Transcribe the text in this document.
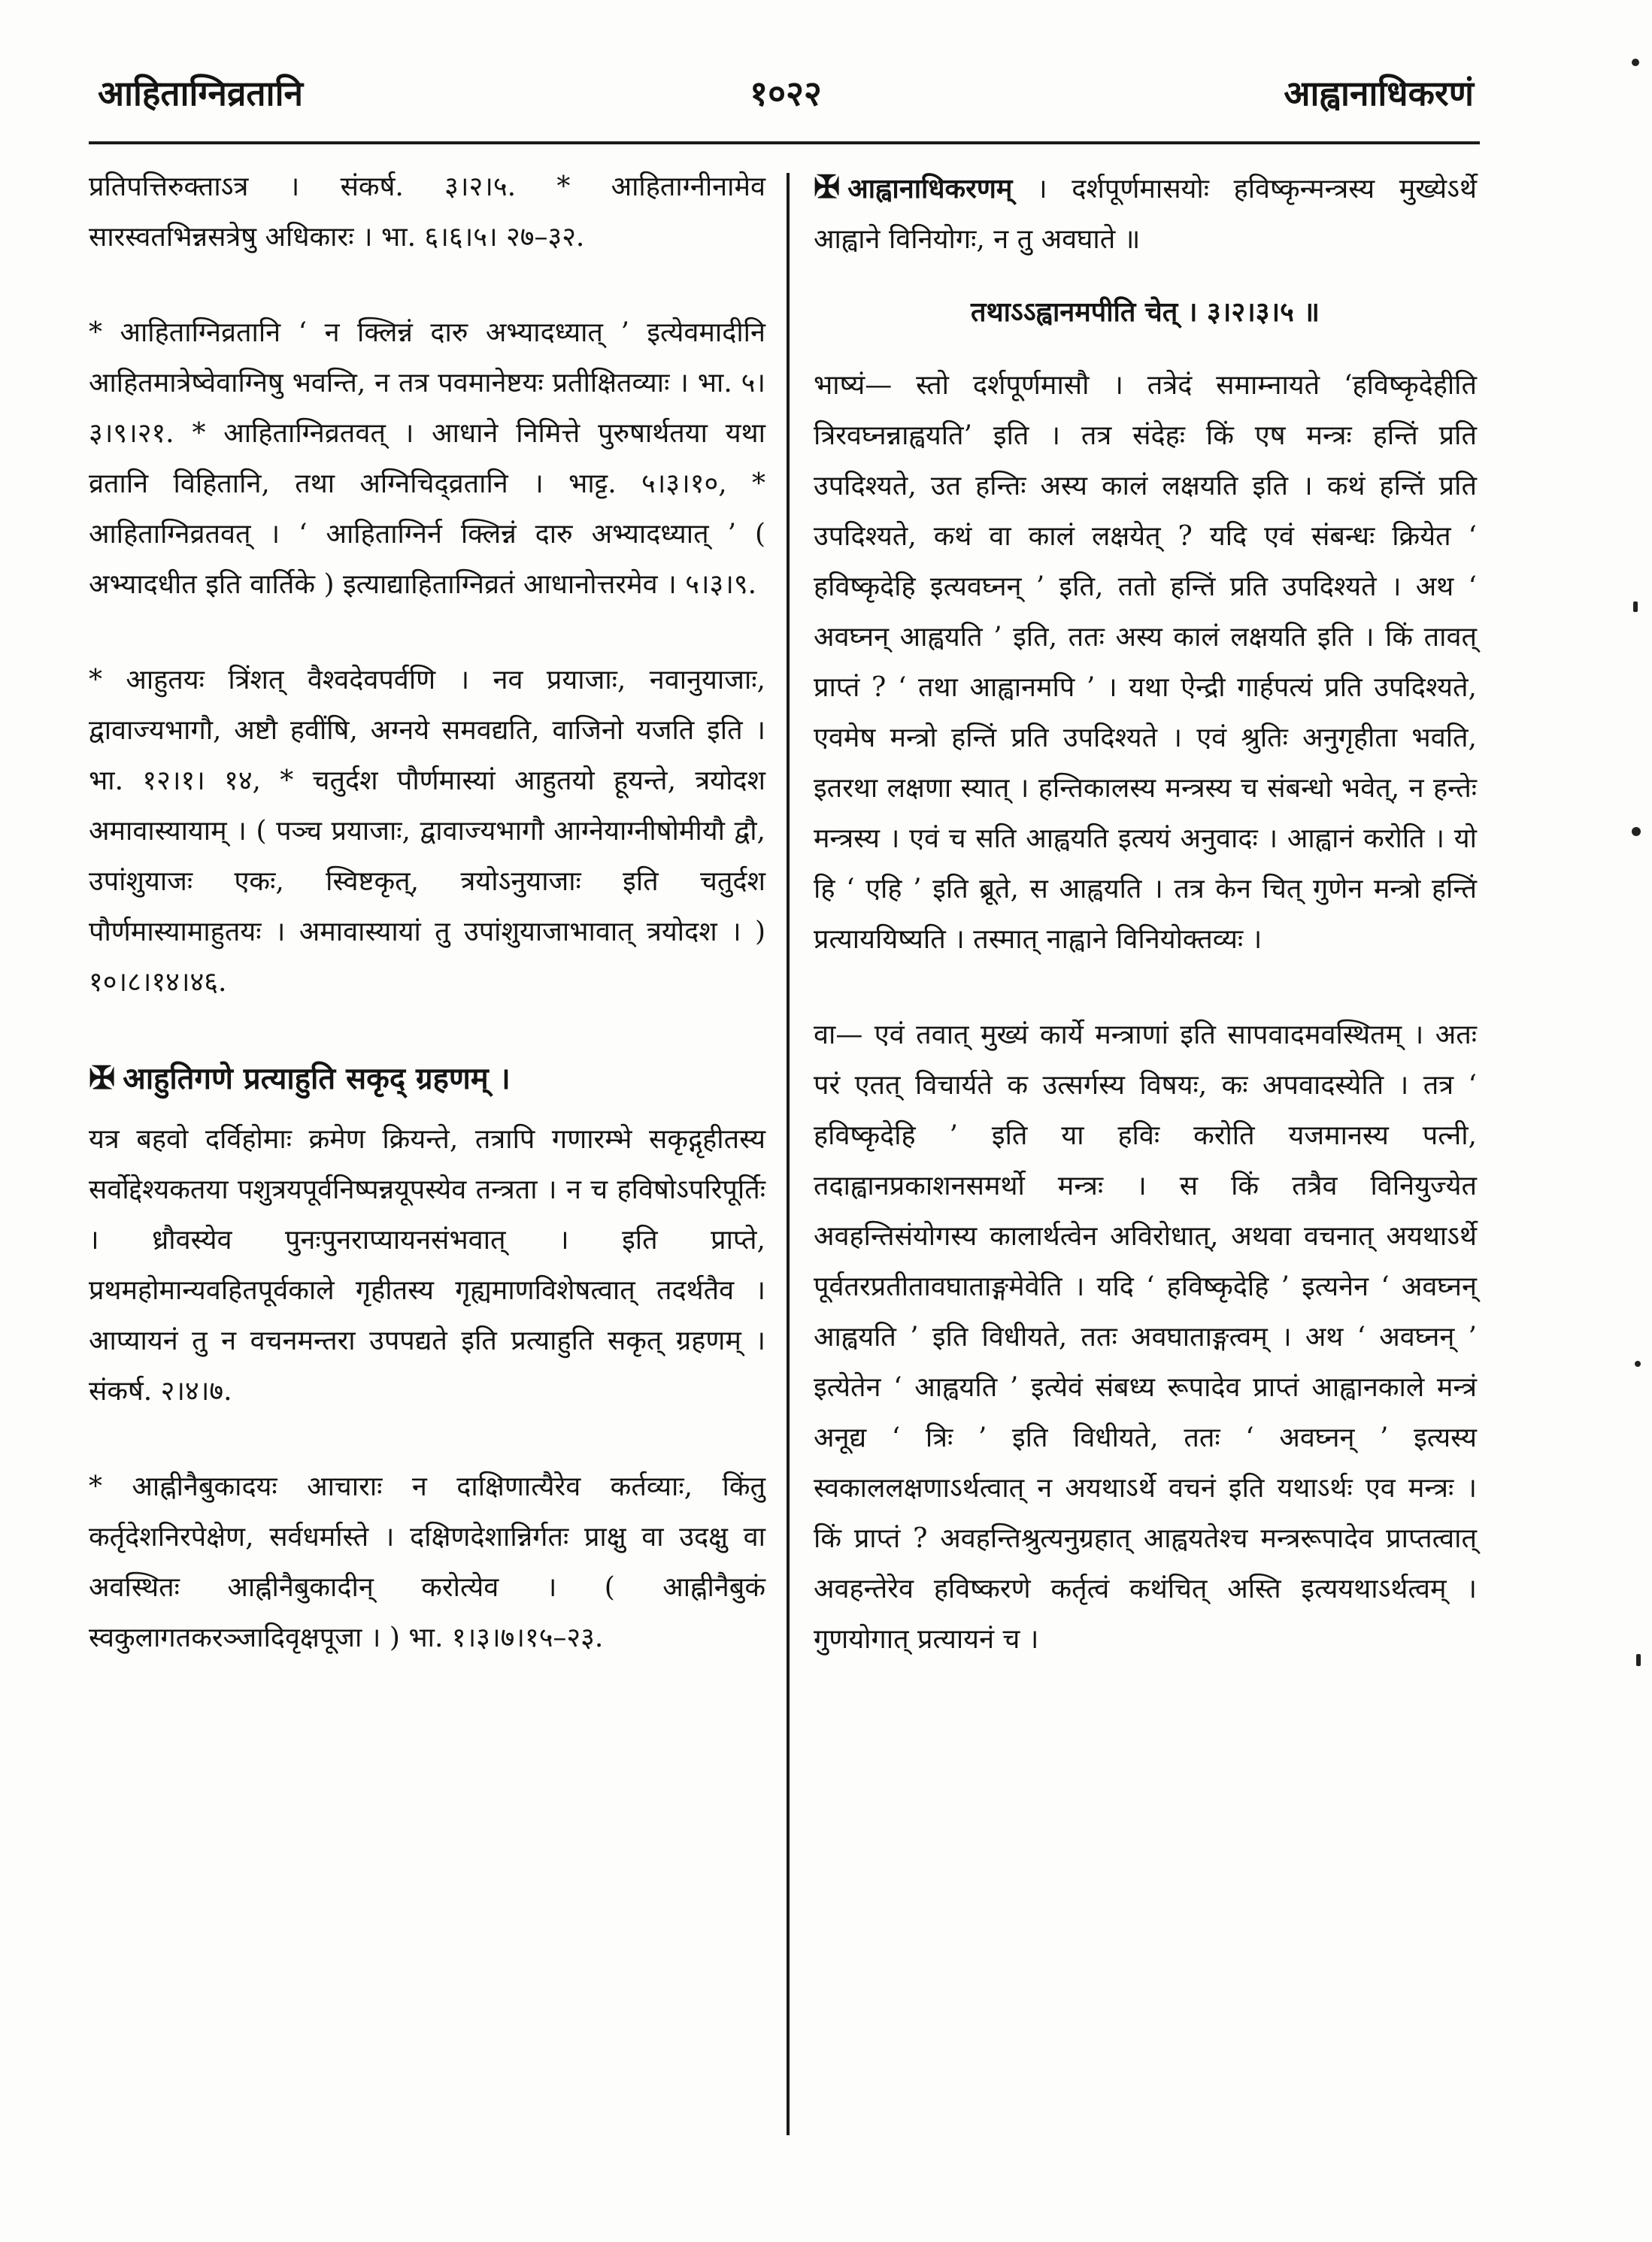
आहिताग्निव्रतानि	१०२२	आह्वानाधिकरणं

प्रतिपत्तिरुक्ताऽत्र । संकर्ष. ३।२।५. * आहिताग्नीनामेव सारस्वतभिन्नसत्रेषु अधिकारः । भा. ६।६।५। २७–३२.

* आहिताग्निव्रतानि ‘ न क्लिन्नं दारु अभ्यादध्यात् ’ इत्येवमादीनि आहितमात्रेष्वेवाग्निषु भवन्ति, न तत्र पवमानेष्टयः प्रतीक्षितव्याः । भा. ५।३।९।२१. * आहिताग्निव्रतवत् । आधाने निमित्ते पुरुषार्थतया यथा व्रतानि विहितानि, तथा अग्निचिद्व्रतानि । भाट्ट. ५।३।१०, * आहिताग्निव्रतवत् । ‘ आहिताग्निर्न क्लिन्नं दारु अभ्यादध्यात् ’ ( अभ्यादधीत इति वार्तिके ) इत्याद्याहिताग्निव्रतं आधानोत्तरमेव । ५।३।९.

* आहुतयः त्रिंशत् वैश्वदेवपर्वणि । नव प्रयाजाः, नवानुयाजाः, द्वावाज्यभागौ, अष्टौ हवींषि, अग्नये समवद्यति, वाजिनो यजति इति । भा. १२।१। १४, * चतुर्दश पौर्णमास्यां आहुतयो हूयन्ते, त्रयोदश अमावास्यायाम् । ( पञ्च प्रयाजाः, द्वावाज्यभागौ आग्नेयाग्नीषोमीयौ द्वौ, उपांशुयाजः एकः, स्विष्टकृत्, त्रयोऽनुयाजाः इति चतुर्दश पौर्णमास्यामाहुतयः । अमावास्यायां तु उपांशुयाजाभावात् त्रयोदश । ) १०।८।१४।४६.

✠ आहुतिगणे प्रत्याहुति सकृद् ग्रहणम् ।

यत्र बहवो दर्विहोमाः क्रमेण क्रियन्ते, तत्रापि गणारम्भे सकृद्गृहीतस्य सर्वोद्देश्यकतया पशुत्रयपूर्वनिष्पन्नयूपस्येव तन्त्रता । न च हविषोऽपरिपूर्तिः । ध्रौवस्येव पुनःपुनराप्यायनसंभवात् । इति प्राप्ते, प्रथमहोमान्यवहितपूर्वकाले गृहीतस्य गृह्यमाणविशेषत्वात् तदर्थतैव । आप्यायनं तु न वचनमन्तरा उपपद्यते इति प्रत्याहुति सकृत् ग्रहणम् । संकर्ष. २।४।७.

* आह्नीनैबुकादयः आचाराः न दाक्षिणात्यैरेव कर्तव्याः, किंतु कर्तृदेशनिरपेक्षेण, सर्वधर्मास्ते । दक्षिणदेशान्निर्गतः प्राक्षु वा उदक्षु वा अवस्थितः आह्नीनैबुकादीन् करोत्येव । ( आह्नीनैबुकं स्वकुलागतकरञ्जादिवृक्षपूजा । ) भा. १।३।७।१५–२३.

✠ आह्वानाधिकरणम् । दर्शपूर्णमासयोः हविष्कृन्मन्त्रस्य मुख्येऽर्थे आह्वाने विनियोगः, न तु अवघाते ॥

तथाऽऽह्वानमपीति चेत् । ३।२।३।५ ॥

भाष्यं— स्तो दर्शपूर्णमासौ । तत्रेदं समाम्नायते ‘हविष्कृदेहीति त्रिरवघ्नन्नाह्वयति’ इति । तत्र संदेहः किं एष मन्त्रः हन्तिं प्रति उपदिश्यते, उत हन्तिः अस्य कालं लक्षयति इति । कथं हन्तिं प्रति उपदिश्यते, कथं वा कालं लक्षयेत् ? यदि एवं संबन्धः क्रियेत ‘ हविष्कृदेहि इत्यवघ्नन् ’ इति, ततो हन्तिं प्रति उपदिश्यते । अथ ‘ अवघ्नन् आह्वयति ’ इति, ततः अस्य कालं लक्षयति इति । किं तावत् प्राप्तं ? ‘ तथा आह्वानमपि ’ । यथा ऐन्द्री गार्हपत्यं प्रति उपदिश्यते, एवमेष मन्त्रो हन्तिं प्रति उपदिश्यते । एवं श्रुतिः अनुगृहीता भवति, इतरथा लक्षणा स्यात् । हन्तिकालस्य मन्त्रस्य च संबन्धो भवेत्, न हन्तेः मन्त्रस्य । एवं च सति आह्वयति इत्ययं अनुवादः । आह्वानं करोति । यो हि ‘ एहि ’ इति ब्रूते, स आह्वयति । तत्र केन चित् गुणेन मन्त्रो हन्तिं प्रत्याययिष्यति । तस्मात् नाह्वाने विनियोक्तव्यः ।

वा— एवं तवात् मुख्यं कार्ये मन्त्राणां इति सापवादमवस्थितम् । अतः परं एतत् विचार्यते क उत्सर्गस्य विषयः, कः अपवादस्येति । तत्र ‘ हविष्कृदेहि ’ इति या हविः करोति यजमानस्य पत्नी, तदाह्वानप्रकाशनसमर्थो मन्त्रः । स किं तत्रैव विनियुज्येत अवहन्तिसंयोगस्य कालार्थत्वेन अविरोधात्, अथवा वचनात् अयथाऽर्थे पूर्वतरप्रतीतावघाताङ्गमेवेति । यदि ‘ हविष्कृदेहि ’ इत्यनेन ‘ अवघ्नन् आह्वयति ’ इति विधीयते, ततः अवघाताङ्गत्वम् । अथ ‘ अवघ्नन् ’ इत्येतेन ‘ आह्वयति ’ इत्येवं संबध्य रूपादेव प्राप्तं आह्वानकाले मन्त्रं अनूद्य ‘ त्रिः ’ इति विधीयते, ततः ‘ अवघ्नन् ’ इत्यस्य स्वकाललक्षणाऽर्थत्वात् न अयथाऽर्थे वचनं इति यथाऽर्थः एव मन्त्रः । किं प्राप्तं ? अवहन्तिश्रुत्यनुग्रहात् आह्वयतेश्च मन्त्ररूपादेव प्राप्तत्वात् अवहन्तेरेव हविष्करणे कर्तृत्वं कथंचित् अस्ति इत्ययथाऽर्थत्वम् । गुणयोगात् प्रत्यायनं च ।
